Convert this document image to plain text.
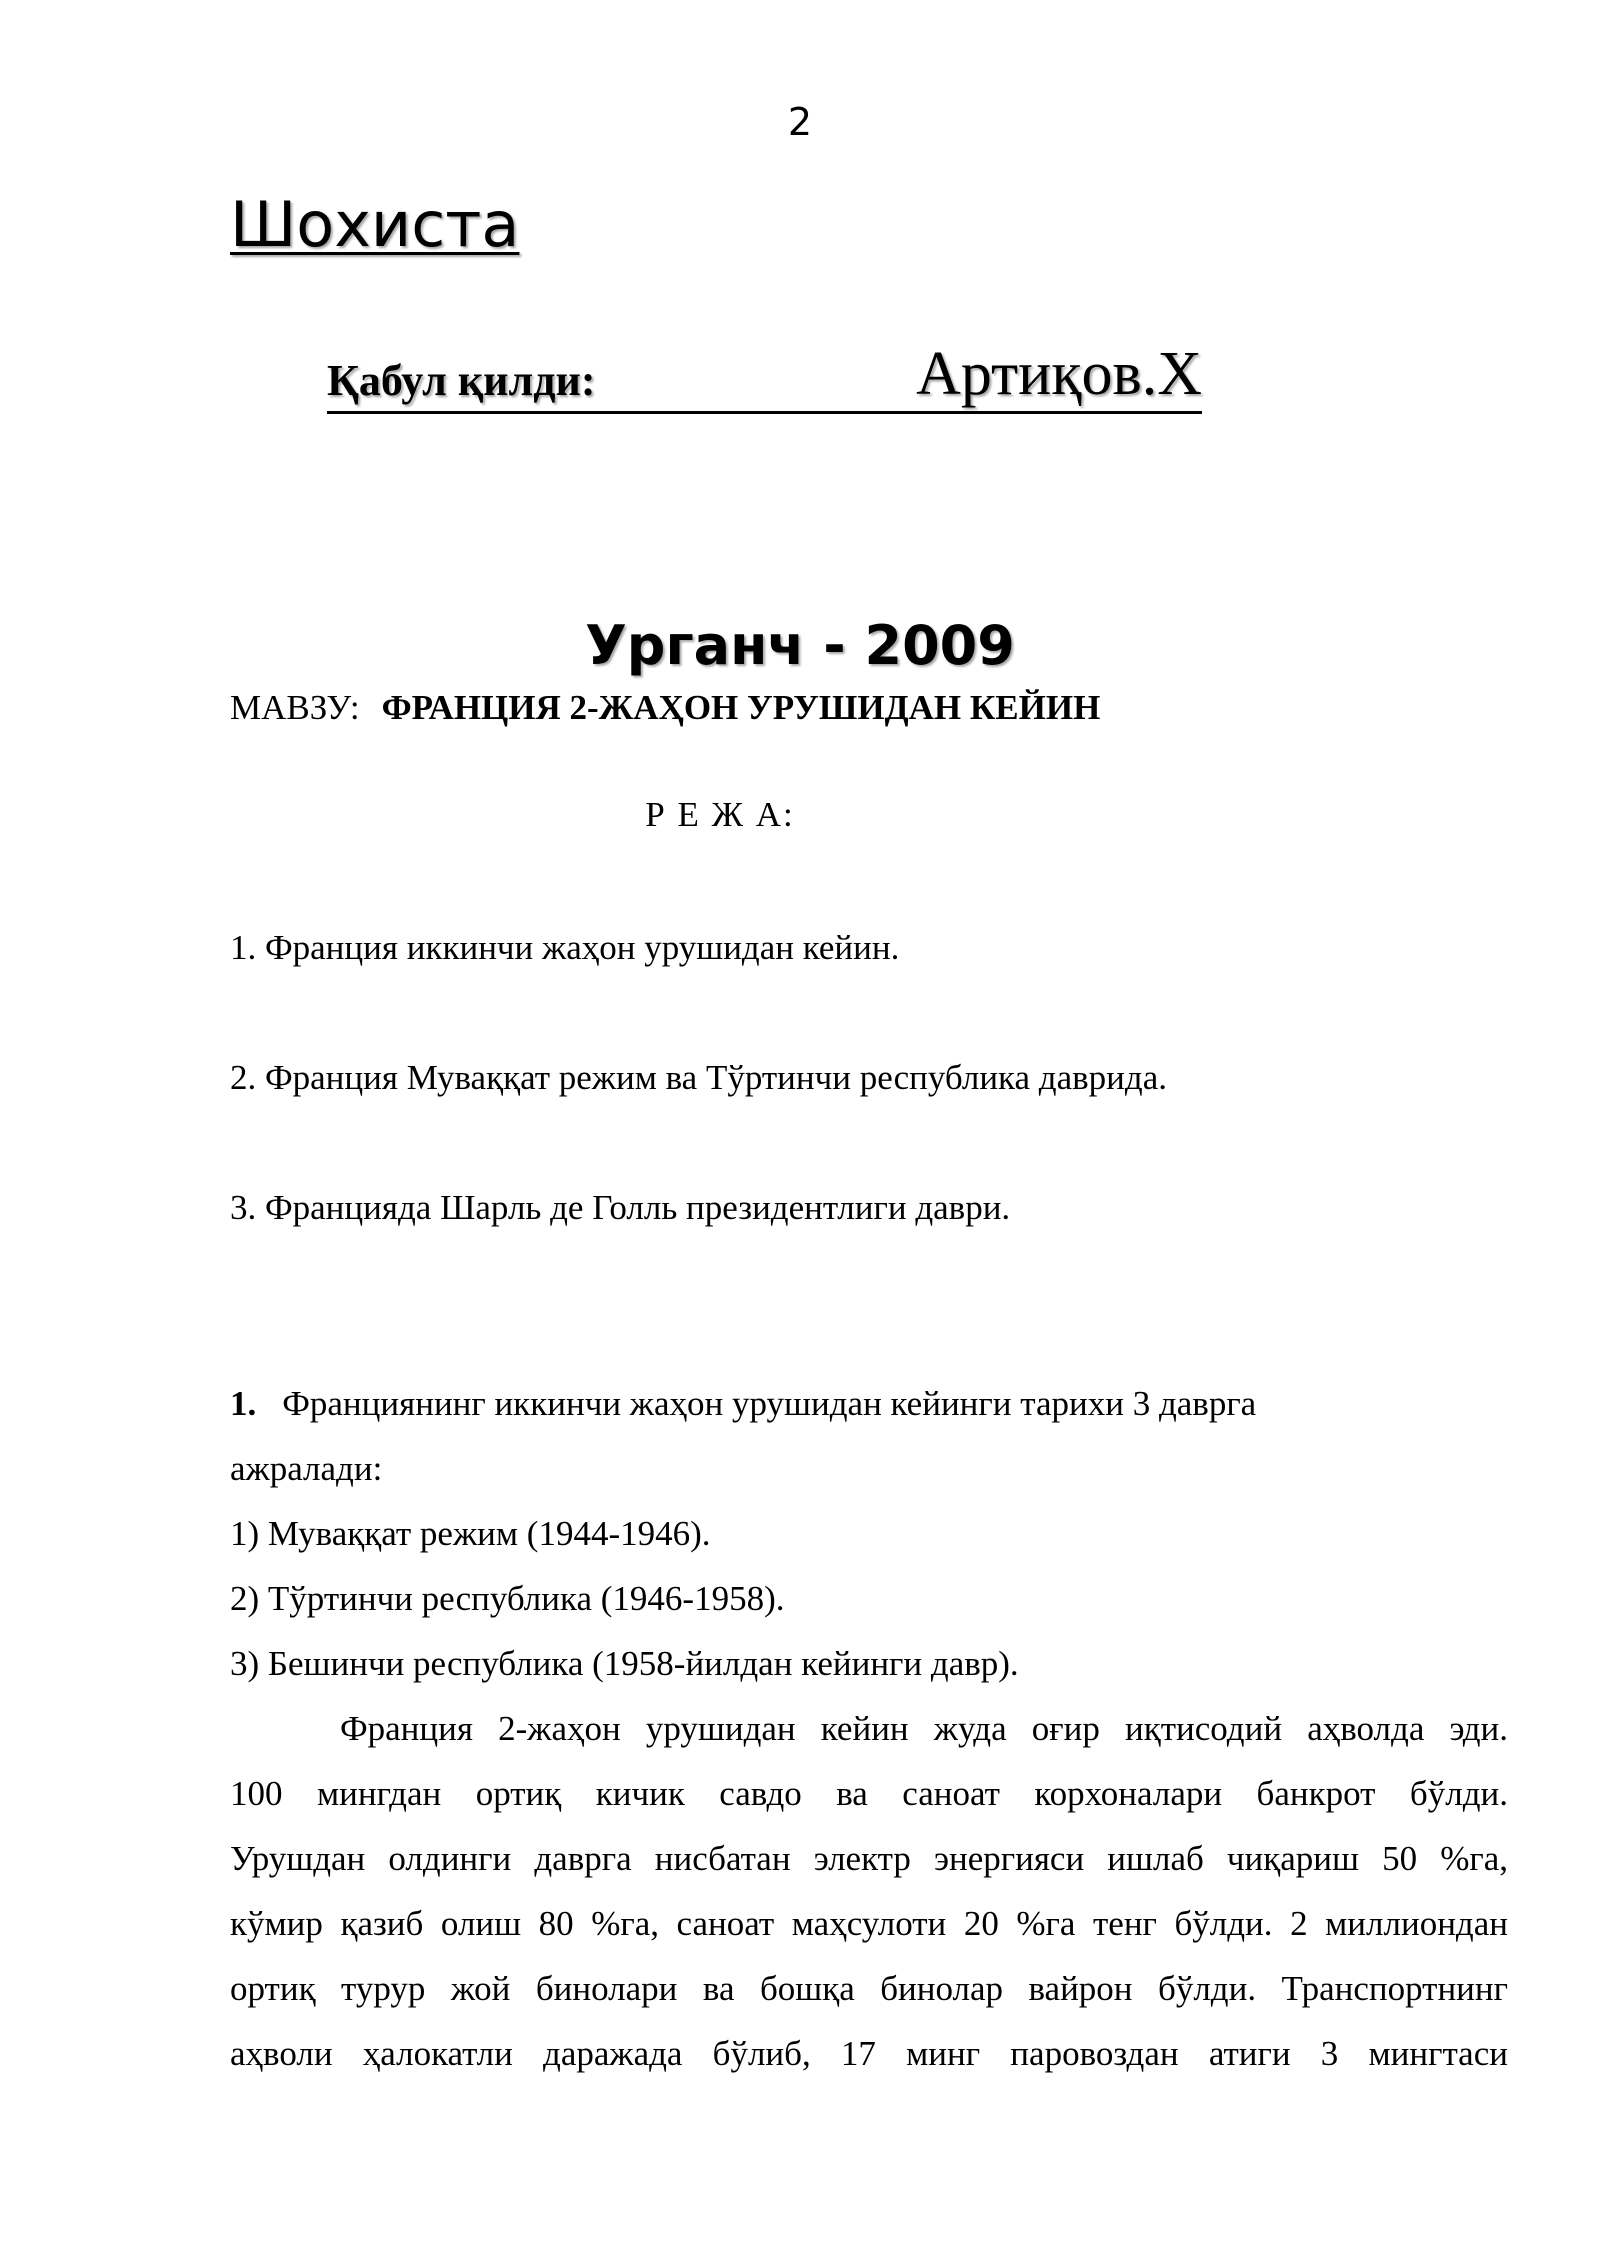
2
Шохиста
Қабул қилди:	Артиқов.Х
Урганч - 2009
МАВЗУ: ФРАНЦИЯ 2-ЖАҲОН УРУШИДАН КЕЙИН
Р Е Ж А:
1. Франция иккинчи жаҳон урушидан кейин.
2. Франция Муваққат режим ва Тўртинчи республика даврида.
3. Францияда Шарль де Голль президентлиги даври.
1. Франциянинг иккинчи жаҳон урушидан кейинги тарихи 3 даврга
ажралади:
1) Муваққат режим (1944-1946).
2) Тўртинчи республика (1946-1958).
3) Бешинчи республика (1958-йилдан кейинги давр).
Франция 2-жаҳон урушидан кейин жуда оғир иқтисодий аҳволда эди.
100 мингдан ортиқ кичик савдо ва саноат корхоналари банкрот бўлди.
Урушдан олдинги даврга нисбатан электр энергияси ишлаб чиқариш 50 %га,
кўмир қазиб олиш 80 %га, саноат маҳсулоти 20 %га тенг бўлди. 2 миллиондан
ортиқ турур жой бинолари ва бошқа бинолар вайрон бўлди. Транспортнинг
аҳволи ҳалокатли даражада бўлиб, 17 минг паровоздан атиги 3 мингтаси
